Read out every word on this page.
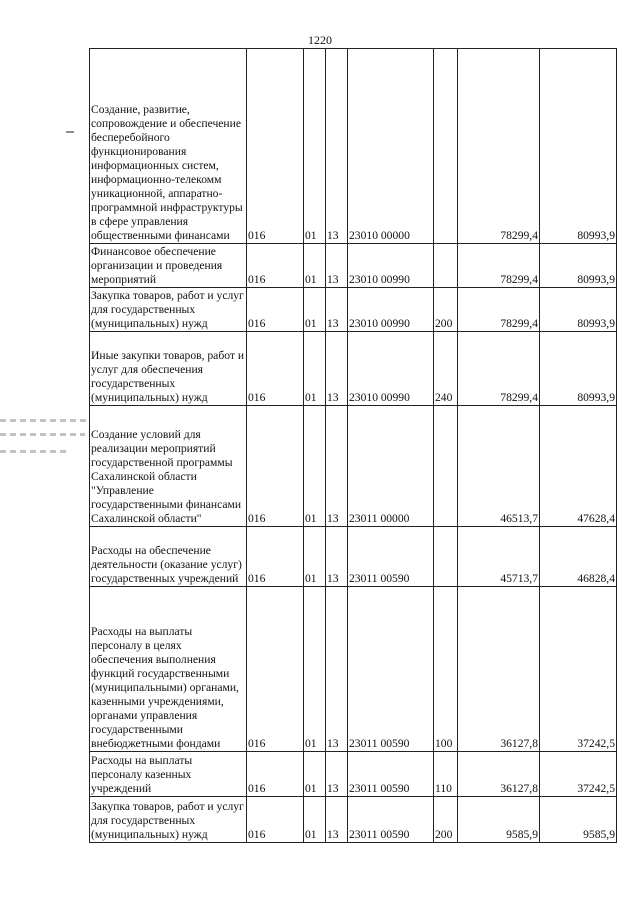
1220
Создание, развитие, сопровождение и обеспечение бесперебойного функционирования информационных систем, информационно-телекомм уникационной, аппаратно-программной инфраструктуры в сфере управления общественными финансами	016	01	13	23010 00000		78299,4	80993,9
Финансовое обеспечение организации и проведения мероприятий	016	01	13	23010 00990		78299,4	80993,9
Закупка товаров, работ и услуг для государственных (муниципальных) нужд	016	01	13	23010 00990	200	78299,4	80993,9
Иные закупки товаров, работ и услуг для обеспечения государственных (муниципальных) нужд	016	01	13	23010 00990	240	78299,4	80993,9
Создание условий для реализации мероприятий государственной программы Сахалинской области "Управление государственными финансами Сахалинской области"	016	01	13	23011 00000		46513,7	47628,4
Расходы на обеспечение деятельности (оказание услуг) государственных учреждений	016	01	13	23011 00590		45713,7	46828,4
Расходы на выплаты персоналу в целях обеспечения выполнения функций государственными (муниципальными) органами, казенными учреждениями, органами управления государственными внебюджетными фондами	016	01	13	23011 00590	100	36127,8	37242,5
Расходы на выплаты персоналу казенных учреждений	016	01	13	23011 00590	110	36127,8	37242,5
Закупка товаров, работ и услуг для государственных (муниципальных) нужд	016	01	13	23011 00590	200	9585,9	9585,9
